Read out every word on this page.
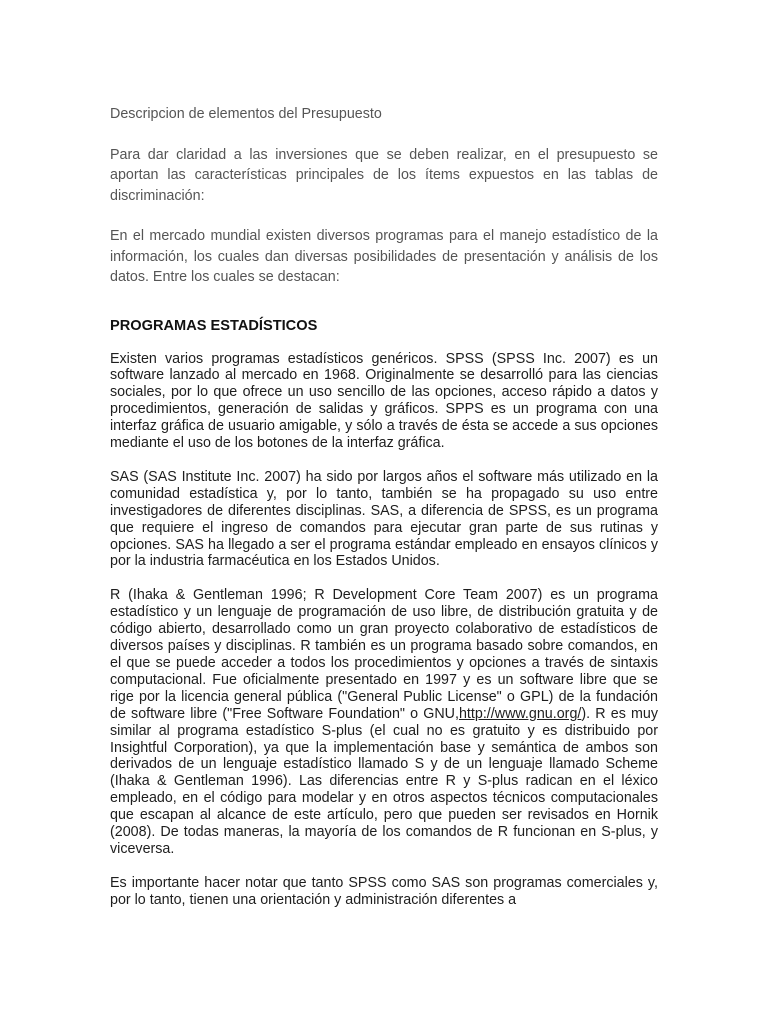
Descripcion de elementos del Presupuesto

Para dar claridad a las inversiones que se deben realizar, en el presupuesto se aportan las características principales de los ítems expuestos en las tablas de discriminación:

En el mercado mundial existen diversos programas para el manejo estadístico de la información, los cuales dan diversas posibilidades de presentación y análisis de los datos. Entre los cuales se destacan:

PROGRAMAS ESTADÍSTICOS

Existen varios programas estadísticos genéricos. SPSS (SPSS Inc. 2007) es un software lanzado al mercado en 1968. Originalmente se desarrolló para las ciencias sociales, por lo que ofrece un uso sencillo de las opciones, acceso rápido a datos y procedimientos, generación de salidas y gráficos. SPPS es un programa con una interfaz gráfica de usuario amigable, y sólo a través de ésta se accede a sus opciones mediante el uso de los botones de la interfaz gráfica.

SAS (SAS Institute Inc. 2007) ha sido por largos años el software más utilizado en la comunidad estadística y, por lo tanto, también se ha propagado su uso entre investigadores de diferentes disciplinas. SAS, a diferencia de SPSS, es un programa que requiere el ingreso de comandos para ejecutar gran parte de sus rutinas y opciones. SAS ha llegado a ser el programa estándar empleado en ensayos clínicos y por la industria farmacéutica en los Estados Unidos.

R (Ihaka & Gentleman 1996; R Development Core Team 2007) es un programa estadístico y un lenguaje de programación de uso libre, de distribución gratuita y de código abierto, desarrollado como un gran proyecto colaborativo de estadísticos de diversos países y disciplinas. R también es un programa basado sobre comandos, en el que se puede acceder a todos los procedimientos y opciones a través de sintaxis computacional. Fue oficialmente presentado en 1997 y es un software libre que se rige por la licencia general pública ("General Public License" o GPL) de la fundación de software libre ("Free Software Foundation" o GNU,http://www.gnu.org/). R es muy similar al programa estadístico S-plus (el cual no es gratuito y es distribuido por Insightful Corporation), ya que la implementación base y semántica de ambos son derivados de un lenguaje estadístico llamado S y de un lenguaje llamado Scheme (Ihaka & Gentleman 1996). Las diferencias entre R y S-plus radican en el léxico empleado, en el código para modelar y en otros aspectos técnicos computacionales que escapan al alcance de este artículo, pero que pueden ser revisados en Hornik (2008). De todas maneras, la mayoría de los comandos de R funcionan en S-plus, y viceversa.

Es importante hacer notar que tanto SPSS como SAS son programas comerciales y, por lo tanto, tienen una orientación y administración diferentes a
